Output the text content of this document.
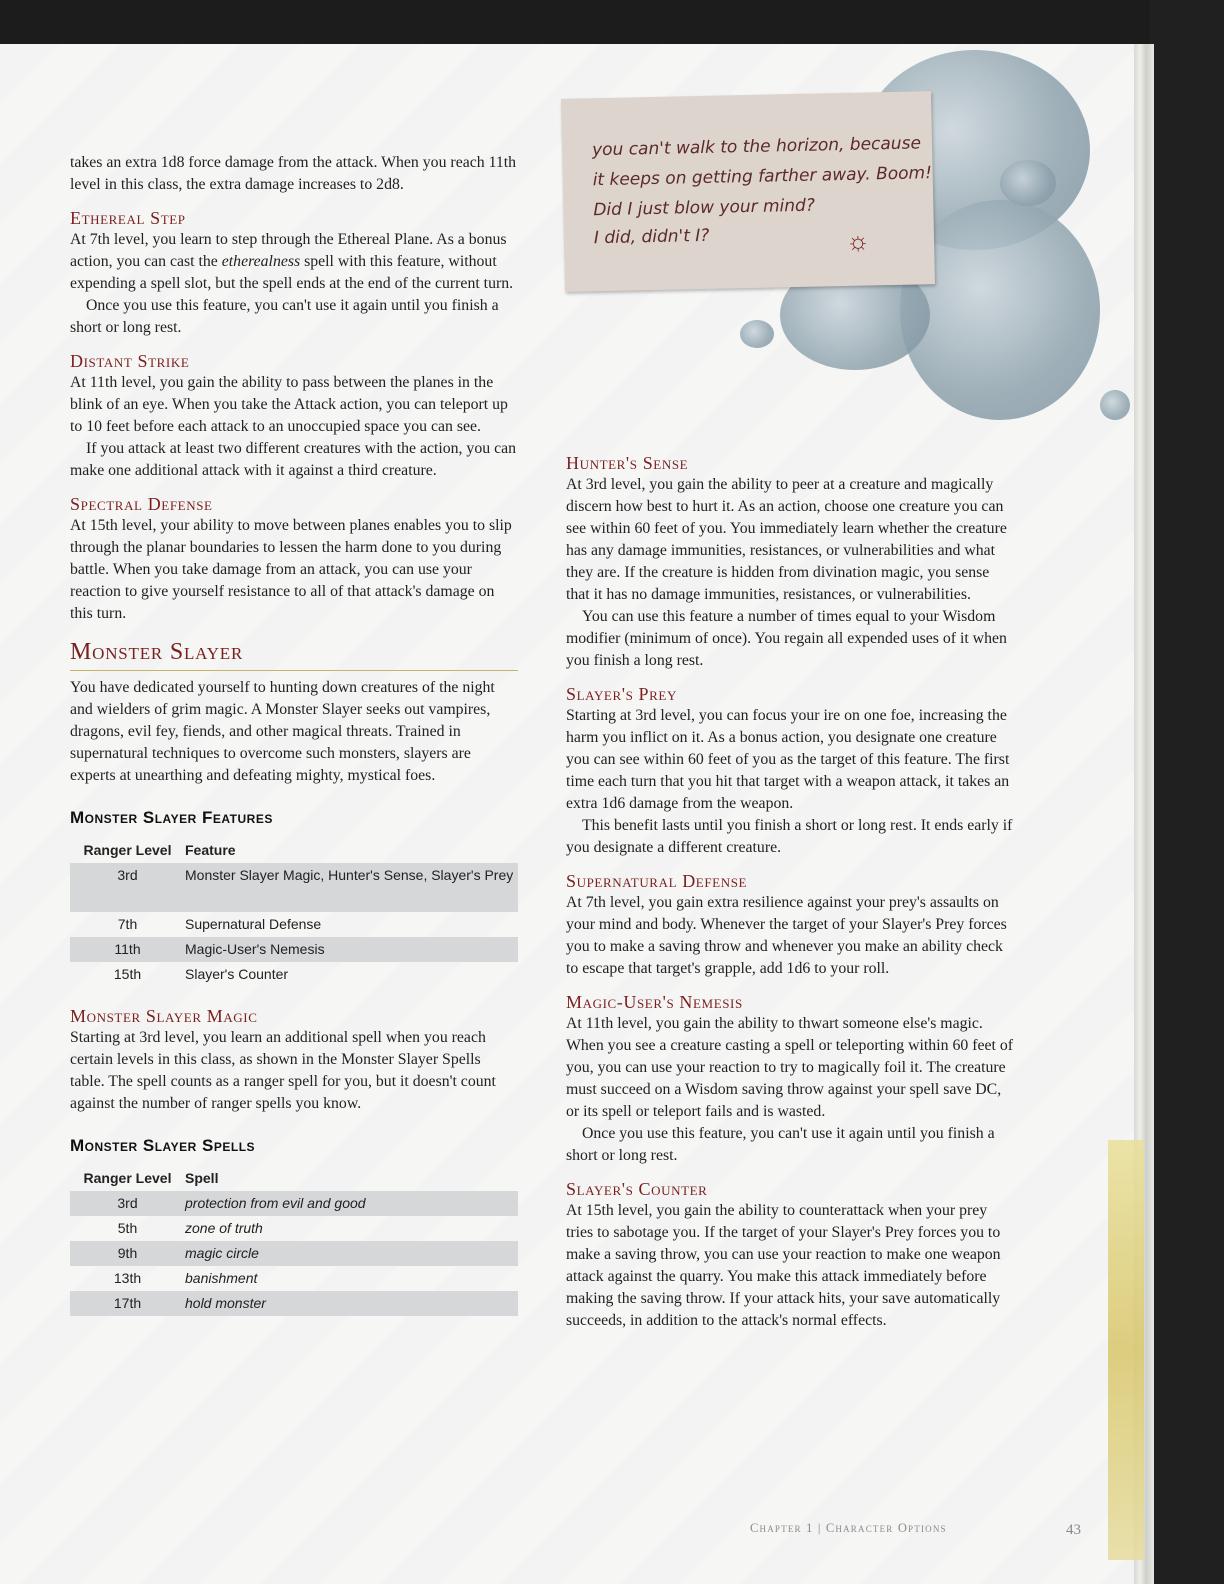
you can't walk to the horizon, because
it keeps on getting farther away. Boom!
Did I just blow your mind?
I did, didn't I?	☼

takes an extra 1d8 force damage from the attack. When you reach 11th level in this class, the extra damage increases to 2d8.

Ethereal Step

At 7th level, you learn to step through the Ethereal Plane. As a bonus action, you can cast the etherealness spell with this feature, without expending a spell slot, but the spell ends at the end of the current turn.

Once you use this feature, you can't use it again until you finish a short or long rest.

Distant Strike

At 11th level, you gain the ability to pass between the planes in the blink of an eye. When you take the Attack action, you can teleport up to 10 feet before each attack to an unoccupied space you can see.

If you attack at least two different creatures with the action, you can make one additional attack with it against a third creature.

Spectral Defense

At 15th level, your ability to move between planes enables you to slip through the planar boundaries to lessen the harm done to you during battle. When you take damage from an attack, you can use your reaction to give yourself resistance to all of that attack's damage on this turn.

Monster Slayer

You have dedicated yourself to hunting down creatures of the night and wielders of grim magic. A Monster Slayer seeks out vampires, dragons, evil fey, fiends, and other magical threats. Trained in supernatural techniques to overcome such monsters, slayers are experts at unearthing and defeating mighty, mystical foes.

Monster Slayer Features
Ranger Level	Feature
3rd	Monster Slayer Magic, Hunter's Sense, Slayer's Prey
7th	Supernatural Defense
11th	Magic-User's Nemesis
15th	Slayer's Counter
Monster Slayer Magic

Starting at 3rd level, you learn an additional spell when you reach certain levels in this class, as shown in the Monster Slayer Spells table. The spell counts as a ranger spell for you, but it doesn't count against the number of ranger spells you know.

Monster Slayer Spells
Ranger Level	Spell
3rd	protection from evil and good
5th	zone of truth
9th	magic circle
13th	banishment
17th	hold monster
Hunter's Sense

At 3rd level, you gain the ability to peer at a creature and magically discern how best to hurt it. As an action, choose one creature you can see within 60 feet of you. You immediately learn whether the creature has any damage immunities, resistances, or vulnerabilities and what they are. If the creature is hidden from divination magic, you sense that it has no damage immunities, resistances, or vulnerabilities.

You can use this feature a number of times equal to your Wisdom modifier (minimum of once). You regain all expended uses of it when you finish a long rest.

Slayer's Prey

Starting at 3rd level, you can focus your ire on one foe, increasing the harm you inflict on it. As a bonus action, you designate one creature you can see within 60 feet of you as the target of this feature. The first time each turn that you hit that target with a weapon attack, it takes an extra 1d6 damage from the weapon.

This benefit lasts until you finish a short or long rest. It ends early if you designate a different creature.

Supernatural Defense

At 7th level, you gain extra resilience against your prey's assaults on your mind and body. Whenever the target of your Slayer's Prey forces you to make a saving throw and whenever you make an ability check to escape that target's grapple, add 1d6 to your roll.

Magic-User's Nemesis

At 11th level, you gain the ability to thwart someone else's magic. When you see a creature casting a spell or teleporting within 60 feet of you, you can use your reaction to try to magically foil it. The creature must succeed on a Wisdom saving throw against your spell save DC, or its spell or teleport fails and is wasted.

Once you use this feature, you can't use it again until you finish a short or long rest.

Slayer's Counter

At 15th level, you gain the ability to counterattack when your prey tries to sabotage you. If the target of your Slayer's Prey forces you to make a saving throw, you can use your reaction to make one weapon attack against the quarry. You make this attack immediately before making the saving throw. If your attack hits, your save automatically succeeds, in addition to the attack's normal effects.

Chapter 1 | Character Options	43
